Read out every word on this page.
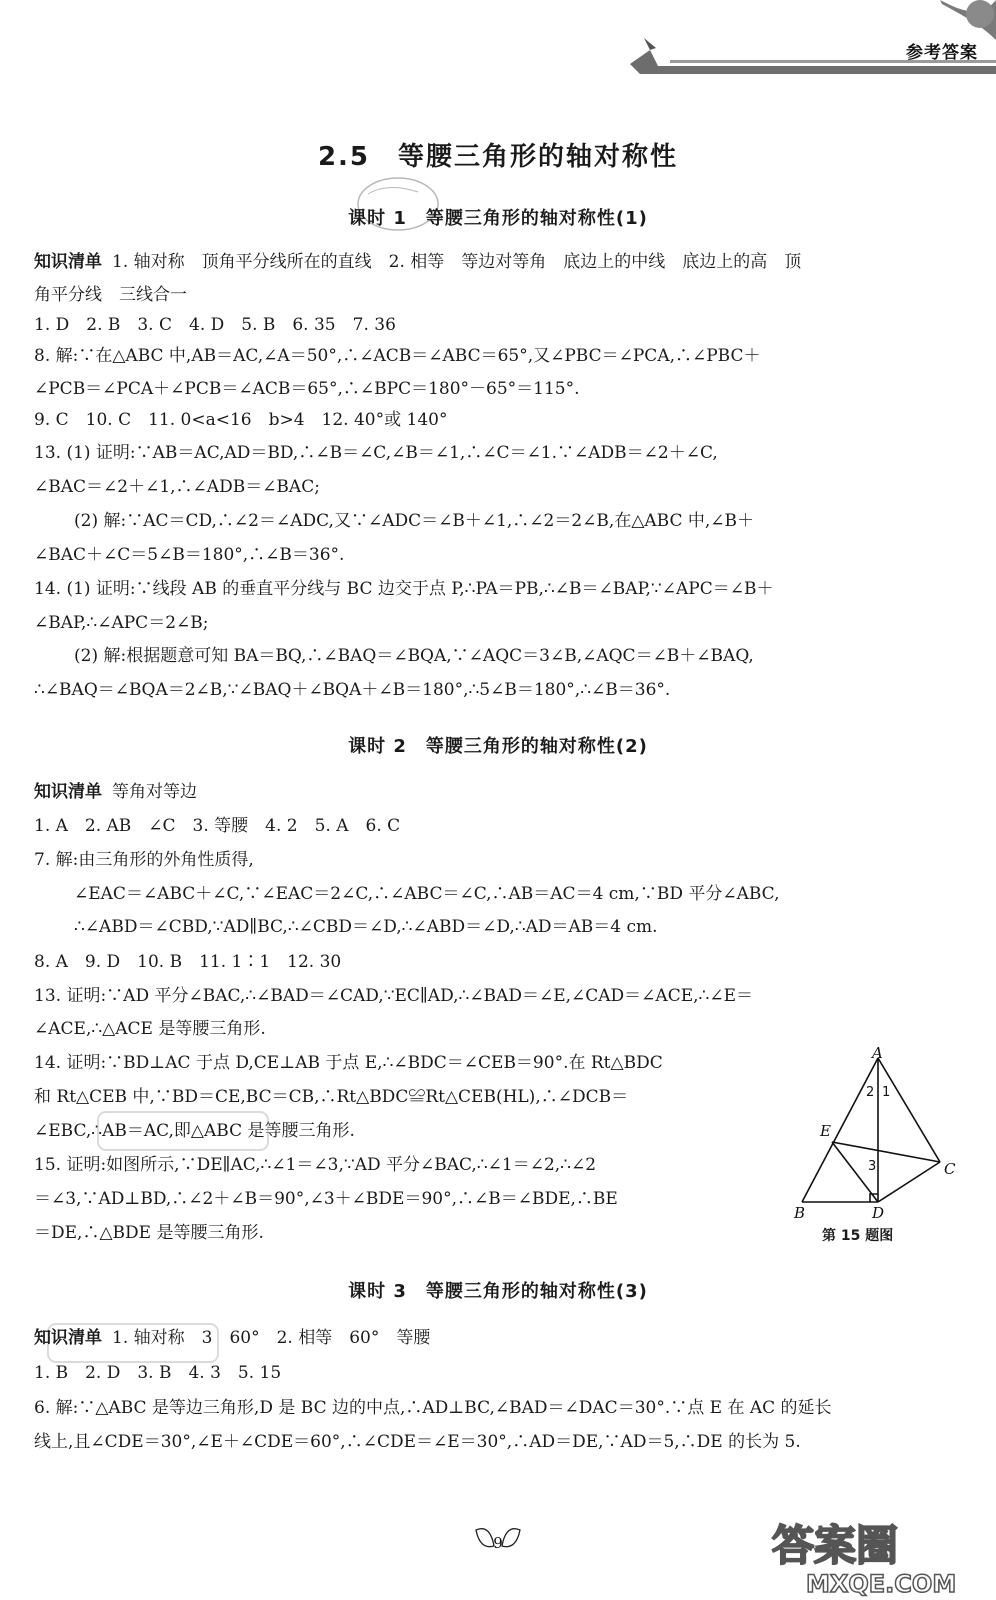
参考答案
2.5　等腰三角形的轴对称性
课时 1　等腰三角形的轴对称性(1)
知识清单 1. 轴对称　顶角平分线所在的直线　2. 相等　等边对等角　底边上的中线　底边上的高　顶
角平分线　三线合一
1. D　2. B　3. C　4. D　5. B　6. 35　7. 36
8. 解:∵在△ABC 中,AB＝AC,∠A＝50°,∴∠ACB＝∠ABC＝65°,又∠PBC＝∠PCA,∴∠PBC＋
∠PCB＝∠PCA＋∠PCB＝∠ACB＝65°,∴∠BPC＝180°－65°＝115°.
9. C　10. C　11. 0<a<16　b>4　12. 40°或 140°
13. (1) 证明:∵AB＝AC,AD＝BD,∴∠B＝∠C,∠B＝∠1,∴∠C＝∠1.∵∠ADB＝∠2＋∠C,
∠BAC＝∠2＋∠1,∴∠ADB＝∠BAC;
(2) 解:∵AC＝CD,∴∠2＝∠ADC,又∵∠ADC＝∠B＋∠1,∴∠2＝2∠B,在△ABC 中,∠B＋
∠BAC＋∠C＝5∠B＝180°,∴∠B＝36°.
14. (1) 证明:∵线段 AB 的垂直平分线与 BC 边交于点 P,∴PA＝PB,∴∠B＝∠BAP,∵∠APC＝∠B＋
∠BAP,∴∠APC＝2∠B;
(2) 解:根据题意可知 BA＝BQ,∴∠BAQ＝∠BQA,∵∠AQC＝3∠B,∠AQC＝∠B＋∠BAQ,
∴∠BAQ＝∠BQA＝2∠B,∵∠BAQ＋∠BQA＋∠B＝180°,∴5∠B＝180°,∴∠B＝36°.
课时 2　等腰三角形的轴对称性(2)
知识清单 等角对等边
1. A　2. AB　∠C　3. 等腰　4. 2　5. A　6. C
7. 解:由三角形的外角性质得,
∠EAC＝∠ABC＋∠C,∵∠EAC＝2∠C,∴∠ABC＝∠C,∴AB＝AC＝4 cm,∵BD 平分∠ABC,
∴∠ABD＝∠CBD,∵AD∥BC,∴∠CBD＝∠D,∴∠ABD＝∠D,∴AD＝AB＝4 cm.
8. A　9. D　10. B　11. 1∶1　12. 30
13. 证明:∵AD 平分∠BAC,∴∠BAD＝∠CAD,∵EC∥AD,∴∠BAD＝∠E,∠CAD＝∠ACE,∴∠E＝
∠ACE,∴△ACE 是等腰三角形.
14. 证明:∵BD⊥AC 于点 D,CE⊥AB 于点 E,∴∠BDC＝∠CEB＝90°.在 Rt△BDC
和 Rt△CEB 中,∵BD＝CE,BC＝CB,∴Rt△BDC≌Rt△CEB(HL),∴∠DCB＝
∠EBC,∴AB＝AC,即△ABC 是等腰三角形.
15. 证明:如图所示,∵DE∥AC,∴∠1＝∠3,∵AD 平分∠BAC,∴∠1＝∠2,∴∠2
＝∠3,∵AD⊥BD,∴∠2＋∠B＝90°,∠3＋∠BDE＝90°,∴∠B＝∠BDE,∴BE
＝DE,∴△BDE 是等腰三角形.
A
B
C
D
E
1
2
3
第 15 题图
课时 3　等腰三角形的轴对称性(3)
知识清单 1. 轴对称　3　60°　2. 相等　60°　等腰
1. B　2. D　3. B　4. 3　5. 15
6. 解:∵△ABC 是等边三角形,D 是 BC 边的中点,∴AD⊥BC,∠BAD＝∠DAC＝30°.∵点 E 在 AC 的延长
线上,且∠CDE＝30°,∠E＋∠CDE＝60°,∴∠CDE＝∠E＝30°,∴AD＝DE,∵AD＝5,∴DE 的长为 5.
9	答案圈
MXQE.COM
